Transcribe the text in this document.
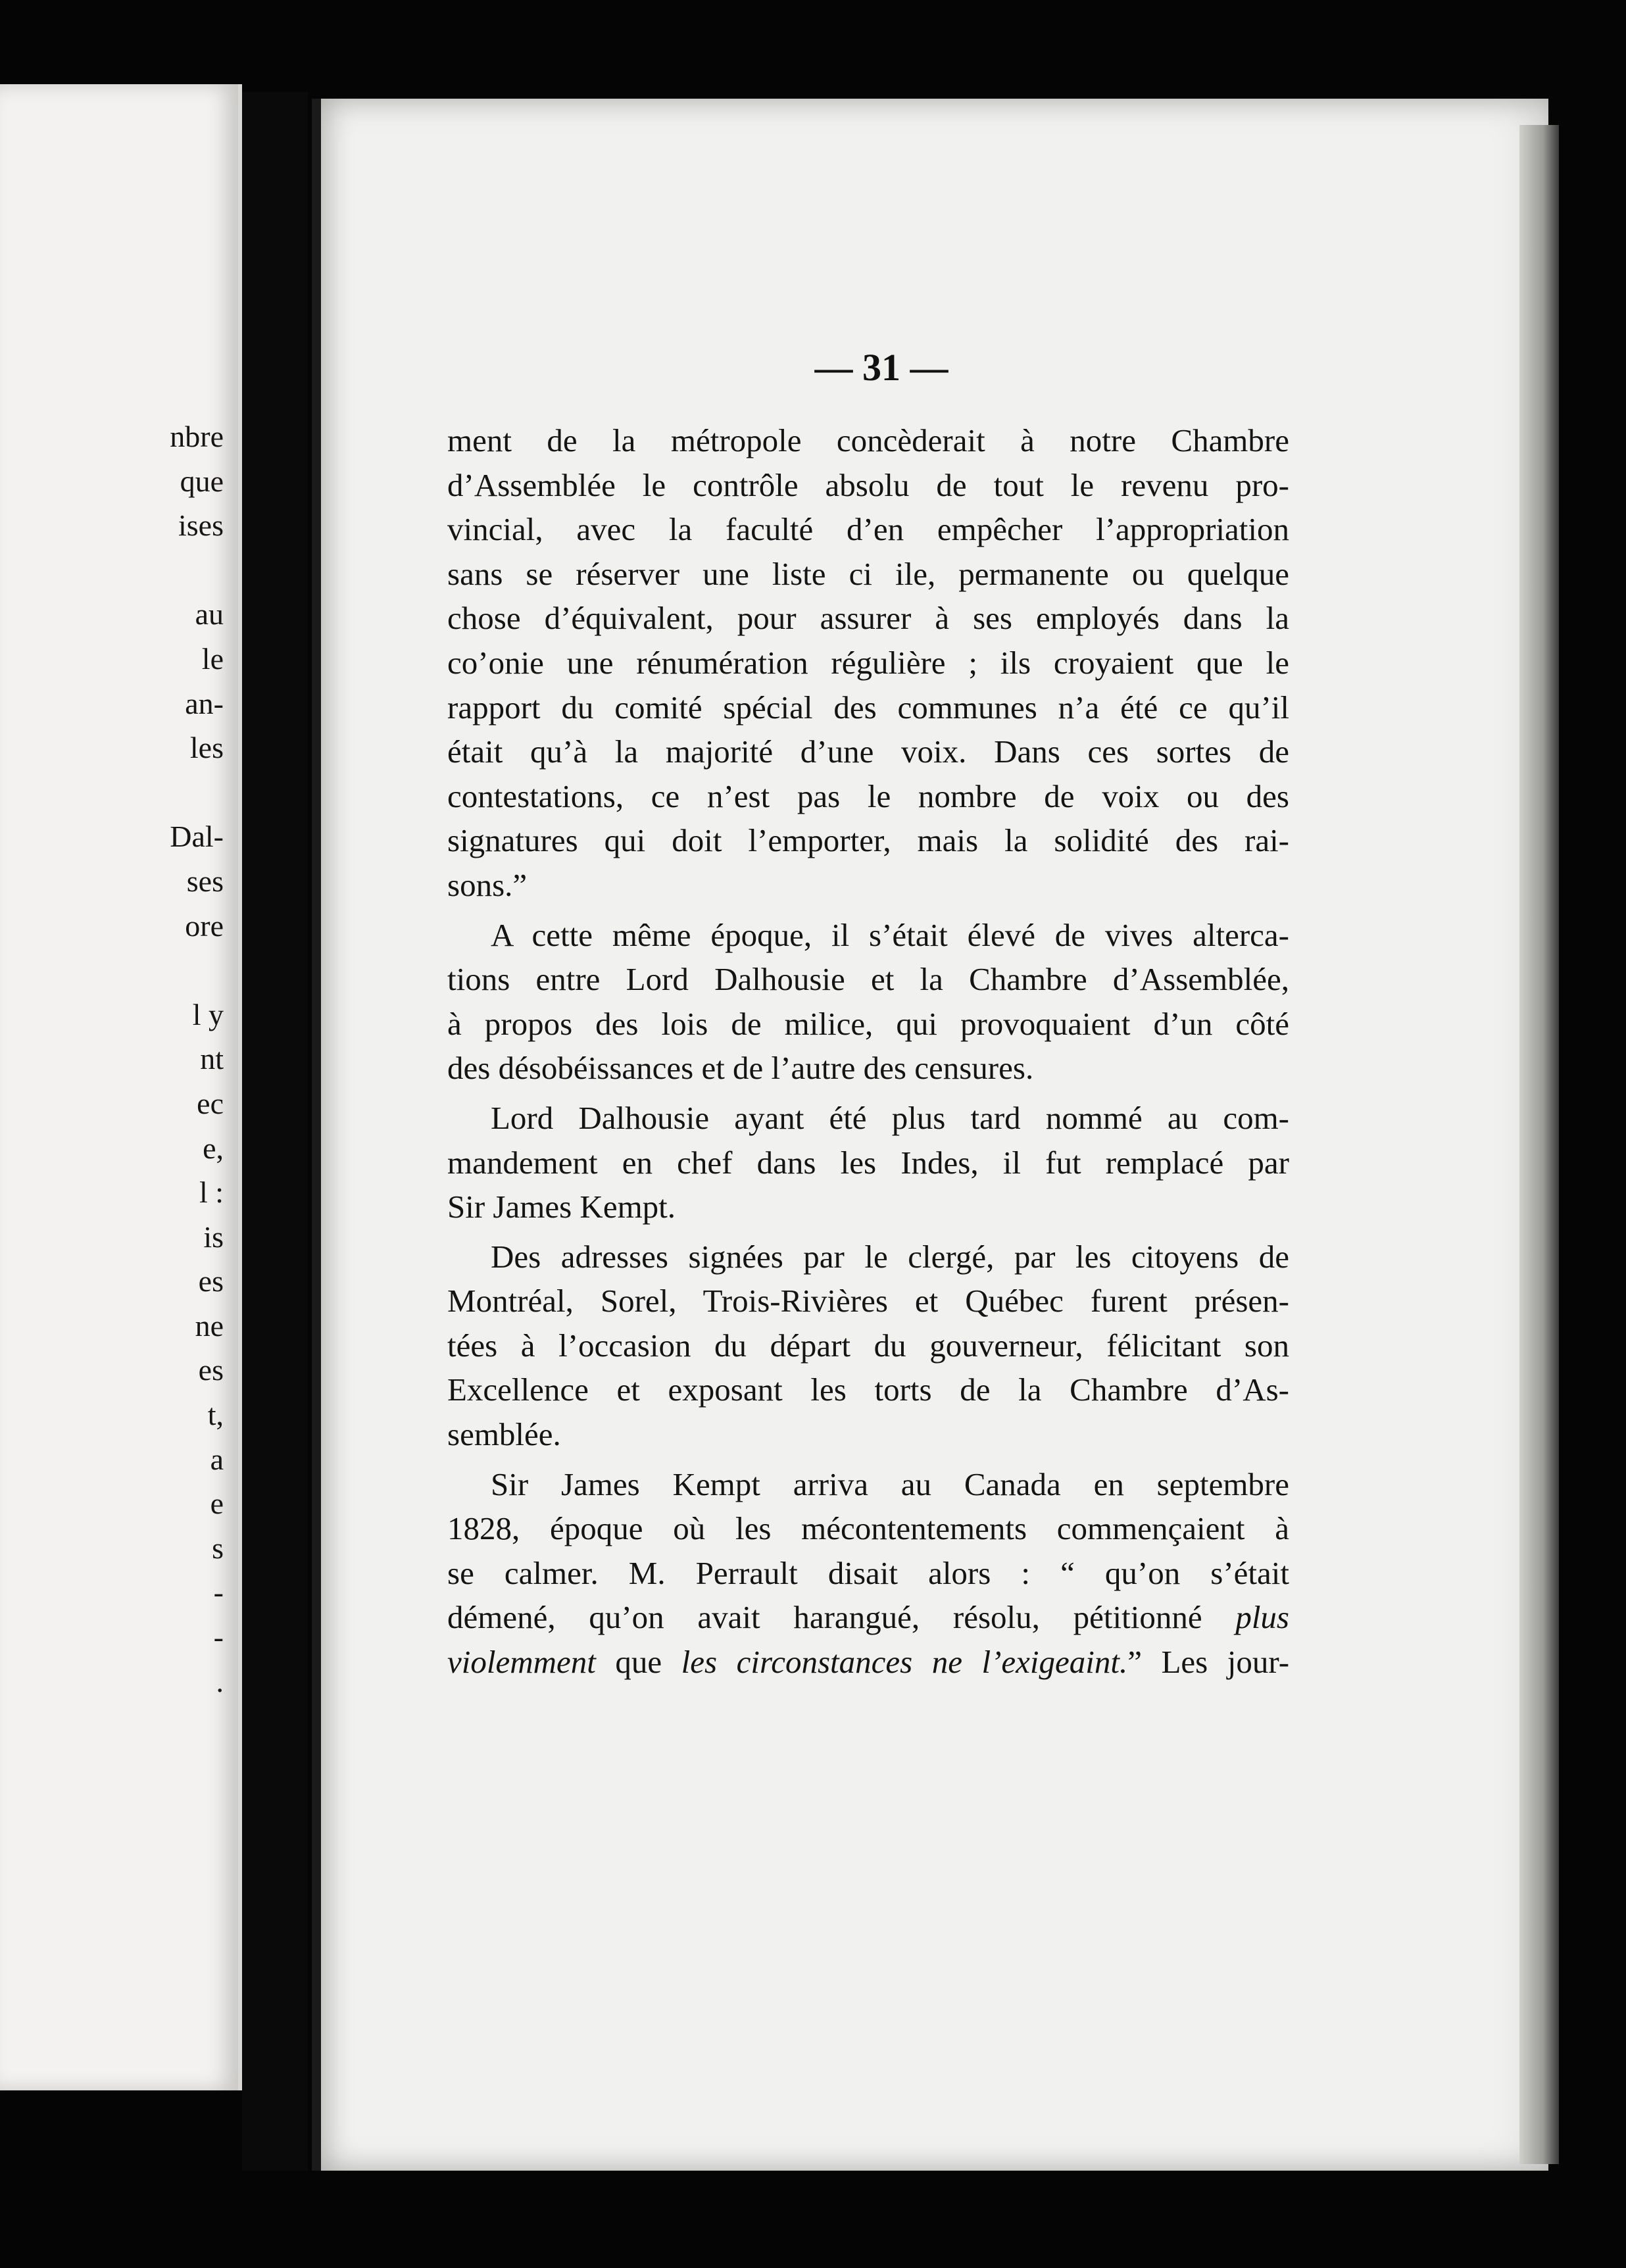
nbre
que
ises
au
le
an-
les
Dal-
ses
ore
l y
nt
ec
e,
l :
is
es
ne
es
t,
a
e
s
-
-
.
— 31 —
ment de la métropole concèderait à notre Chambre
d’Assemblée le contrôle absolu de tout le revenu pro-
vincial, avec la faculté d’en empêcher l’appropriation
sans se réserver une liste ci ile, permanente ou quelque
chose d’équivalent, pour assurer à ses employés dans la
co’onie une rénumération régulière ; ils croyaient que le
rapport du comité spécial des communes n’a été ce qu’il
était qu’à la majorité d’une voix. Dans ces sortes de
contestations, ce n’est pas le nombre de voix ou des
signatures qui doit l’emporter, mais la solidité des rai-
sons.”
A cette même époque, il s’était élevé de vives alterca-
tions entre Lord Dalhousie et la Chambre d’Assemblée,
à propos des lois de milice, qui provoquaient d’un côté
des désobéissances et de l’autre des censures.
Lord Dalhousie ayant été plus tard nommé au com-
mandement en chef dans les Indes, il fut remplacé par
Sir James Kempt.
Des adresses signées par le clergé, par les citoyens de
Montréal, Sorel, Trois-Rivières et Québec furent présen-
tées à l’occasion du départ du gouverneur, félicitant son
Excellence et exposant les torts de la Chambre d’As-
semblée.
Sir James Kempt arriva au Canada en septembre
1828, époque où les mécontentements commençaient à
se calmer. M. Perrault disait alors : “ qu’on s’était
démené, qu’on avait harangué, résolu, pétitionné plus
violemment que les circonstances ne l’exigeaint.” Les jour-
